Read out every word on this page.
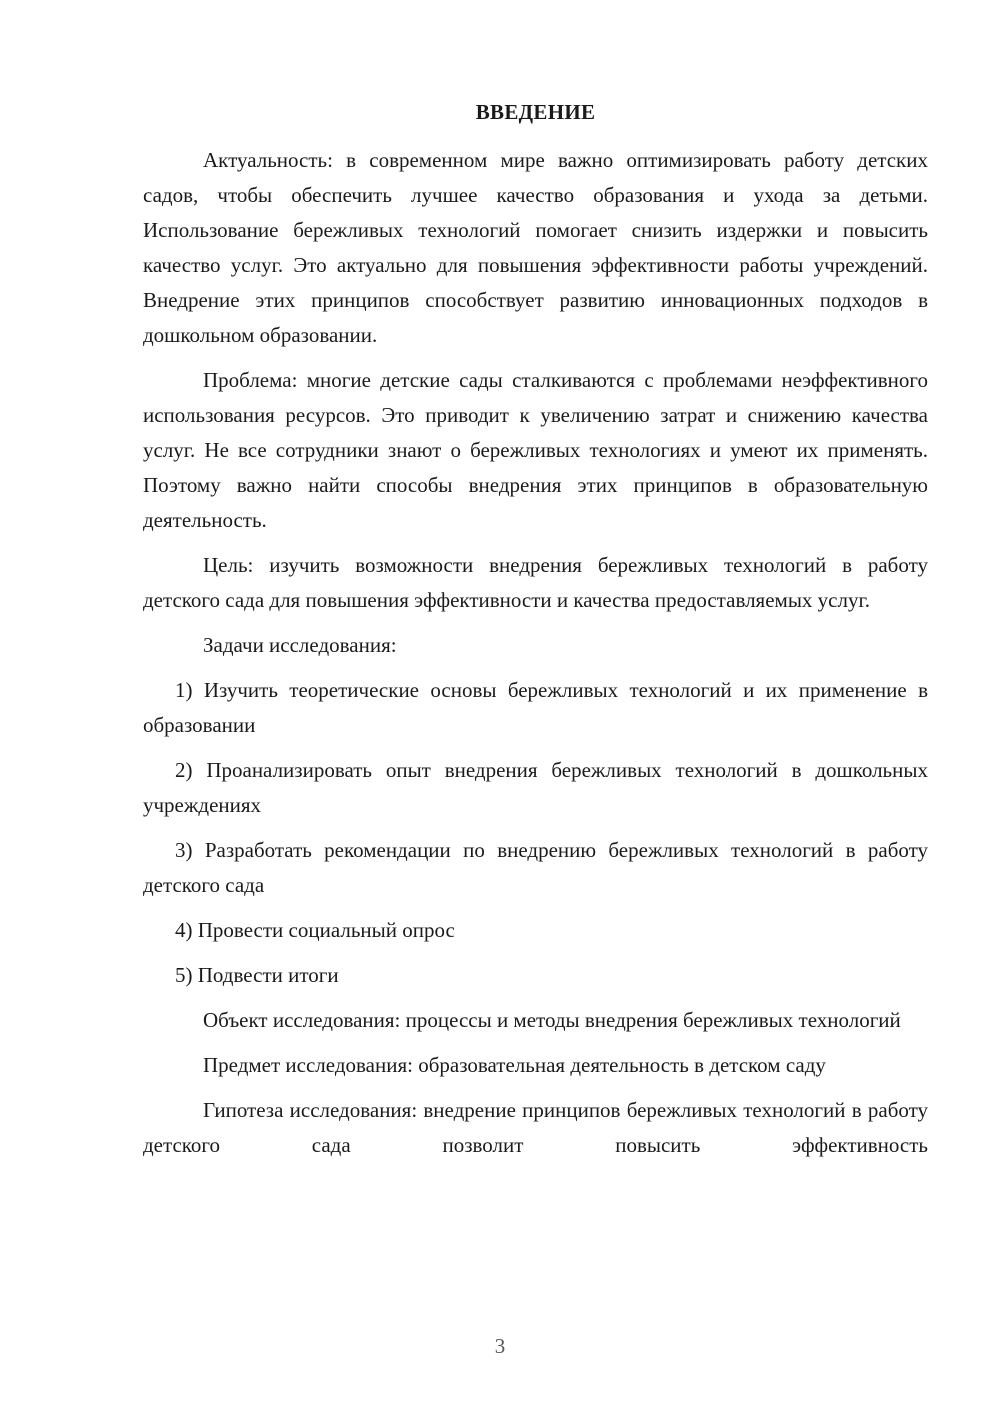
ВВЕДЕНИЕ

Актуальность: в современном мире важно оптимизировать работу детских садов, чтобы обеспечить лучшее качество образования и ухода за детьми. Использование бережливых технологий помогает снизить издержки и повысить качество услуг. Это актуально для повышения эффективности работы учреждений. Внедрение этих принципов способствует развитию инновационных подходов в дошкольном образовании.

Проблема: многие детские сады сталкиваются с проблемами неэффективного использования ресурсов. Это приводит к увеличению затрат и снижению качества услуг. Не все сотрудники знают о бережливых технологиях и умеют их применять. Поэтому важно найти способы внедрения этих принципов в образовательную деятельность.

Цель: изучить возможности внедрения бережливых технологий в работу детского сада для повышения эффективности и качества предоставляемых услуг.

Задачи исследования:

1) Изучить теоретические основы бережливых технологий и их применение в образовании

2) Проанализировать опыт внедрения бережливых технологий в дошкольных учреждениях

3) Разработать рекомендации по внедрению бережливых технологий в работу детского сада

4) Провести социальный опрос

5) Подвести итоги

Объект исследования: процессы и методы внедрения бережливых технологий

Предмет исследования: образовательная деятельность в детском саду

Гипотеза исследования: внедрение принципов бережливых технологий в работу детского сада позволит повысить эффективность

3
